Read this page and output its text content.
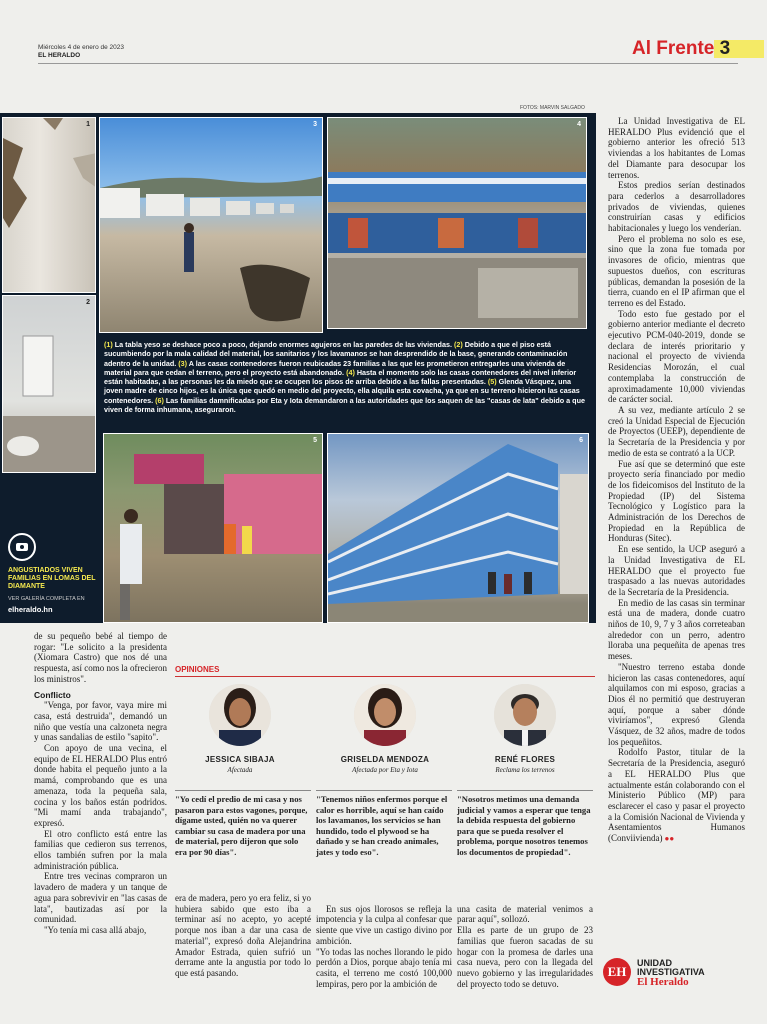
Miércoles 4 de enero de 2023
EL HERALDO	Al Frente 3
FOTOS: MARVIN SALGADO
1
2
3	4
(1) La tabla yeso se deshace poco a poco, dejando enormes agujeros en las paredes de las viviendas. (2) Debido a que el piso está sucumbiendo por la mala calidad del material, los sanitarios y los lavamanos se han desprendido de la base, generando contaminación adentro de la unidad. (3) A las casas contenedores fueron reubicadas 23 familias a las que les prometieron entregarles una vivienda de material para que cedan el terreno, pero el proyecto está abandonado. (4) Hasta el momento solo las casas contenedores del nivel inferior están habitadas, a las personas les da miedo que se ocupen los pisos de arriba debido a las fallas presentadas. (5) Glenda Vásquez, una joven madre de cinco hijos, es la única que quedó en medio del proyecto, ella alquila esta covacha, ya que en su terreno hicieron las casas contenedores. (6) Las familias damnificadas por Eta y Iota demandaron a las autoridades que los saquen de las "casas de lata" debido a que viven de forma inhumana, aseguraron.
5	6
ANGUSTIADOS VIVEN FAMILIAS EN LOMAS DEL DIAMANTE
VER GALERÍA COMPLETA EN
elheraldo.hn

La Unidad Investigativa de EL HERALDO Plus evidenció que el gobierno anterior les ofreció 513 viviendas a los habitantes de Lomas del Diamante para desocupar los terrenos.

Estos predios serían destinados para cederlos a desarrolladores privados de viviendas, quienes construirían casas y edificios habitacionales y luego los venderían.

Pero el problema no solo es ese, sino que la zona fue tomada por invasores de oficio, mientras que supuestos dueños, con escrituras públicas, demandan la posesión de la tierra, cuando en el IP afirman que el terreno es del Estado.

Todo esto fue gestado por el gobierno anterior mediante el decreto ejecutivo PCM-040-2019, donde se declara de interés prioritario y nacional el proyecto de vivienda Residencias Morozán, el cual contemplaba la construcción de aproximadamente 10,000 viviendas de carácter social.

A su vez, mediante artículo 2 se creó la Unidad Especial de Ejecución de Proyectos (UEEP), dependiente de la Secretaría de la Presidencia y por medio de esta se contrató a la UCP.

Fue así que se determinó que este proyecto sería financiado por medio de los fideicomisos del Instituto de la Propiedad (IP) del Sistema Tecnológico y Logístico para la Administración de los Derechos de Propiedad en la República de Honduras (Sitec).

En ese sentido, la UCP aseguró a la Unidad Investigativa de EL HERALDO que el proyecto fue traspasado a las nuevas autoridades de la Secretaría de la Presidencia.

En medio de las casas sin terminar está una de madera, donde cuatro niños de 10, 9, 7 y 3 años correteaban alrededor con un perro, adentro lloraba una pequeñita de apenas tres meses.

"Nuestro terreno estaba donde hicieron las casas contenedores, aquí alquilamos con mi esposo, gracias a Dios él no permitió que destruyeran aquí, porque a saber dónde viviríamos", expresó Glenda Vásquez, de 32 años, madre de todos los pequeñitos.

Rodolfo Pastor, titular de la Secretaría de la Presidencia, aseguró a EL HERALDO Plus que actualmente están colaborando con el Ministerio Público (MP) para esclarecer el caso y pasar el proyecto a la Comisión Nacional de Vivienda y Asentamientos Humanos (Conviivienda) ●●

de su pequeño bebé al tiempo de rogar: "Le solicito a la presidenta (Xiomara Castro) que nos dé una respuesta, así como nos la ofrecieron los ministros".

Conflicto

"Venga, por favor, vaya mire mi casa, está destruida", demandó un niño que vestía una calzoneta negra y unas sandalias de estilo "sapito".

Con apoyo de una vecina, el equipo de EL HERALDO Plus entró donde habita el pequeño junto a la mamá, comprobando que es una amenaza, toda la pequeña sala, cocina y los baños están podridos. "Mi mamí anda trabajando", expresó.

El otro conflicto está entre las familias que cedieron sus terrenos, ellos también sufren por la mala administración pública.

Entre tres vecinas compraron un lavadero de madera y un tanque de agua para sobrevivir en "las casas de lata", bautizadas así por la comunidad.

"Yo tenía mi casa allá abajo,

OPINIONES
JESSICA SIBAJA
Afectada
GRISELDA MENDOZA
Afectada por Eta y Iota
RENÉ FLORES
Reclama los terrenos
"Yo cedí el predio de mi casa y nos pasaron para estos vagones, porque, dígame usted, quién no va querer cambiar su casa de madera por una de material, pero dijeron que solo era por 90 días".
"Tenemos niños enfermos porque el calor es horrible, aquí se han caído los lavamanos, los servicios se han hundido, todo el plywood se ha dañado y se han creado animales, jates y todo eso".
"Nosotros metimos una demanda judicial y vamos a esperar que tenga la debida respuesta del gobierno para que se pueda resolver el problema, porque nosotros tenemos los documentos de propiedad".

era de madera, pero yo era feliz, si yo hubiera sabido que esto iba a terminar así no acepto, yo acepté porque nos iban a dar una casa de material", expresó doña Alejandrina Amador Estrada, quien sufrió un derrame ante la angustia por todo lo que está pasando.

En sus ojos llorosos se refleja la impotencia y la culpa al confesar que siente que vive un castigo divino por ambición.
"Yo todas las noches llorando le pido perdón a Dios, porque abajo tenía mi casita, el terreno me costó 100,000 lempiras, pero por la ambición de

una casita de material venimos a parar aquí", sollozó.
Ella es parte de un grupo de 23 familias que fueron sacadas de su hogar con la promesa de darles una casa nueva, pero con la llegada del nuevo gobierno y las irregularidades del proyecto todo se detuvo.

EH
UNIDAD
INVESTIGATIVA
El Heraldo
